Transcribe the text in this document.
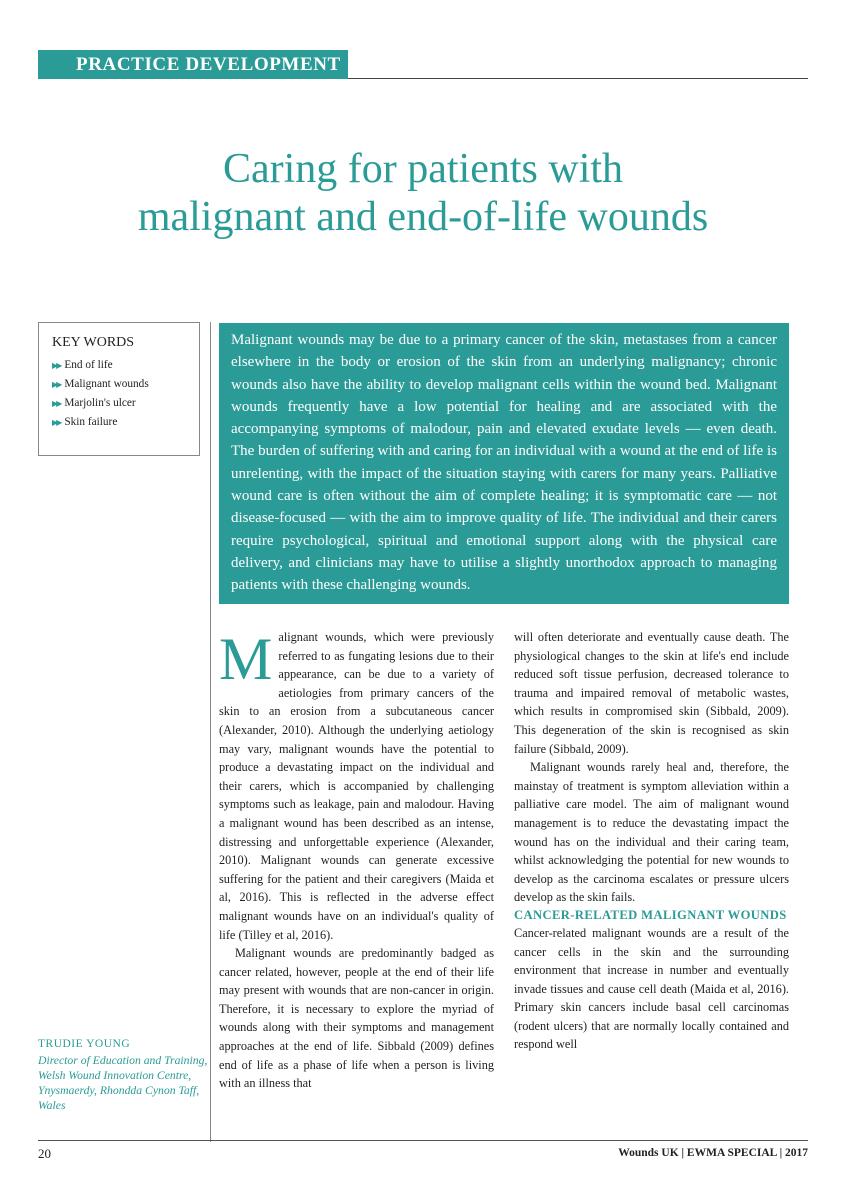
PRACTICE DEVELOPMENT
Caring for patients with
malignant and end-of-life wounds
KEY WORDS
▶▶ End of life
▶▶ Malignant wounds
▶▶ Marjolin's ulcer
▶▶ Skin failure

Malignant wounds may be due to a primary cancer of the skin, metastases from a cancer elsewhere in the body or erosion of the skin from an underlying malignancy; chronic wounds also have the ability to develop malignant cells within the wound bed. Malignant wounds frequently have a low potential for healing and are associated with the accompanying symptoms of malodour, pain and elevated exudate levels — even death. The burden of suffering with and caring for an individual with a wound at the end of life is unrelenting, with the impact of the situation staying with carers for many years. Palliative wound care is often without the aim of complete healing; it is symptomatic care — not disease-focused — with the aim to improve quality of life. The individual and their carers require psychological, spiritual and emotional support along with the physical care delivery, and clinicians may have to utilise a slightly unorthodox approach to managing patients with these challenging wounds.

Malignant wounds, which were previously referred to as fungating lesions due to their appearance, can be due to a variety of aetiologies from primary cancers of the skin to an erosion from a subcutaneous cancer (Alexander, 2010). Although the underlying aetiology may vary, malignant wounds have the potential to produce a devastating impact on the individual and their carers, which is accompanied by challenging symptoms such as leakage, pain and malodour. Having a malignant wound has been described as an intense, distressing and unforgettable experience (Alexander, 2010). Malignant wounds can generate excessive suffering for the patient and their caregivers (Maida et al, 2016). This is reflected in the adverse effect malignant wounds have on an individual's quality of life (Tilley et al, 2016).

Malignant wounds are predominantly badged as cancer related, however, people at the end of their life may present with wounds that are non-cancer in origin. Therefore, it is necessary to explore the myriad of wounds along with their symptoms and management approaches at the end of life. Sibbald (2009) defines end of life as a phase of life when a person is living with an illness that

will often deteriorate and eventually cause death. The physiological changes to the skin at life's end include reduced soft tissue perfusion, decreased tolerance to trauma and impaired removal of metabolic wastes, which results in compromised skin (Sibbald, 2009). This degeneration of the skin is recognised as skin failure (Sibbald, 2009).

Malignant wounds rarely heal and, therefore, the mainstay of treatment is symptom alleviation within a palliative care model. The aim of malignant wound management is to reduce the devastating impact the wound has on the individual and their caring team, whilst acknowledging the potential for new wounds to develop as the carcinoma escalates or pressure ulcers develop as the skin fails.

CANCER-RELATED MALIGNANT WOUNDS

Cancer-related malignant wounds are a result of the cancer cells in the skin and the surrounding environment that increase in number and eventually invade tissues and cause cell death (Maida et al, 2016). Primary skin cancers include basal cell carcinomas (rodent ulcers) that are normally locally contained and respond well

TRUDIE YOUNG
Director of Education and Training, Welsh Wound Innovation Centre, Ynysmaerdy, Rhondda Cynon Taff, Wales
20	Wounds UK | EWMA SPECIAL | 2017
